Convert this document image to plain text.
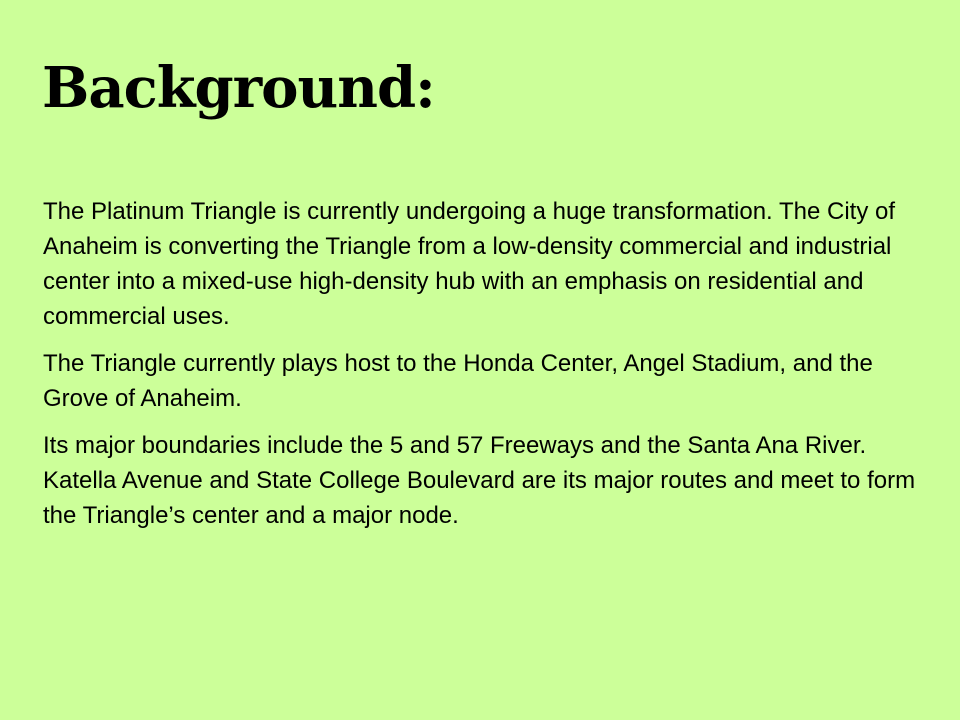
Background:

The Platinum Triangle is currently undergoing a huge transformation. The City of Anaheim is converting the Triangle from a low-density commercial and industrial center into a mixed-use high-density hub with an emphasis on residential and commercial uses.

The Triangle currently plays host to the Honda Center, Angel Stadium, and the Grove of Anaheim.

Its major boundaries include the 5 and 57 Freeways and the Santa Ana River. Katella Avenue and State College Boulevard are its major routes and meet to form the Triangle’s center and a major node.
